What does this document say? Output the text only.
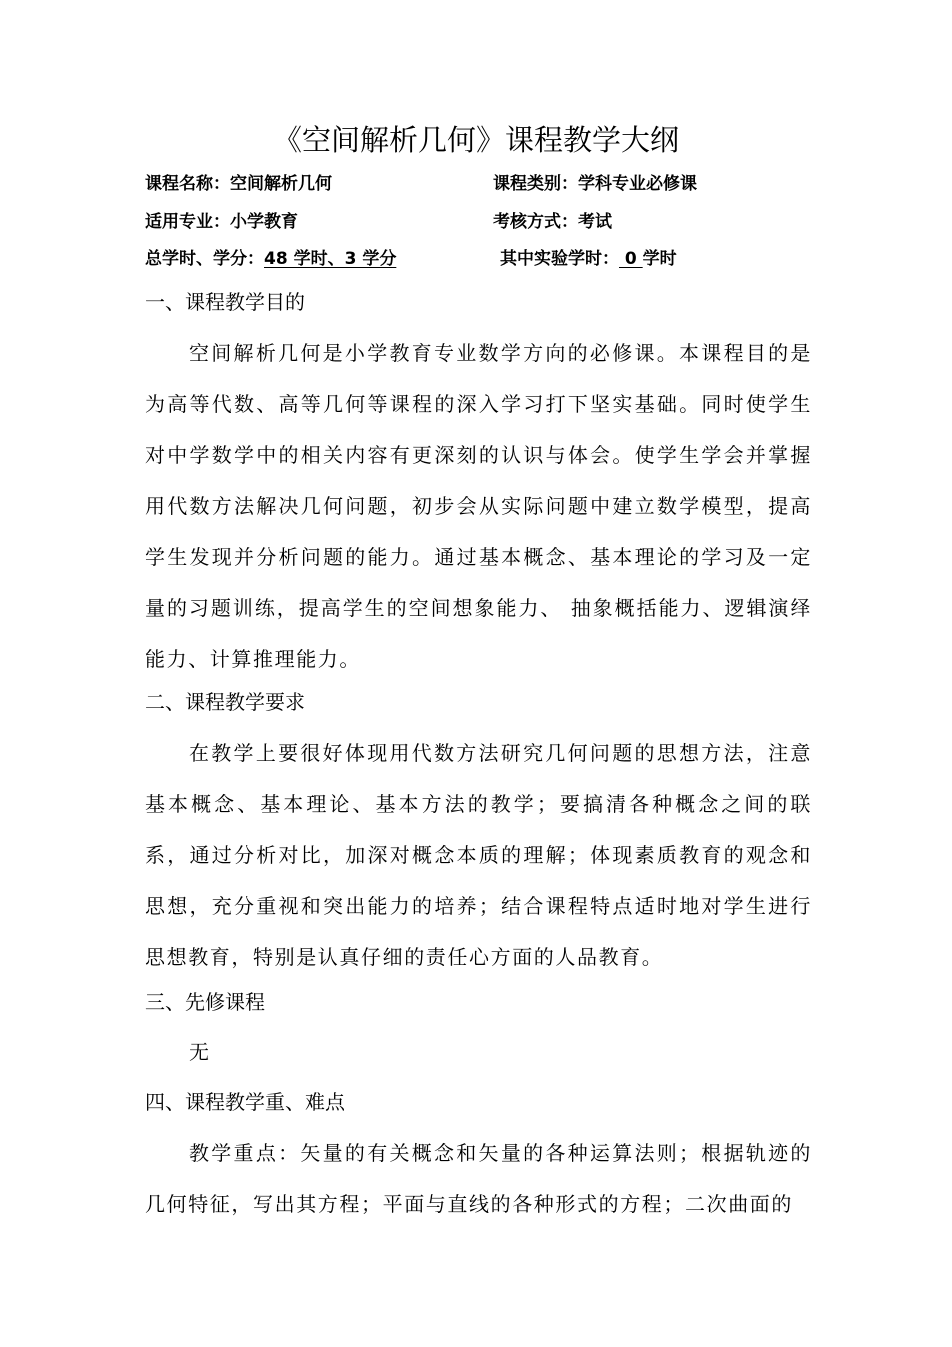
《空间解析几何》课程教学大纲
课程名称：空间解析几何	课程类别：学科专业必修课
适用专业：小学教育	考核方式：考试
总学时、学分：48 学时、3 学分	其中实验学时： 0 学时
一、课程教学目的
空间解析几何是小学教育专业数学方向的必修课。本课程目的是为高等代数、高等几何等课程的深入学习打下坚实基础。同时使学生对中学数学中的相关内容有更深刻的认识与体会。使学生学会并掌握用代数方法解决几何问题，初步会从实际问题中建立数学模型，提高学生发现并分析问题的能力。通过基本概念、基本理论的学习及一定量的习题训练，提高学生的空间想象能力、 抽象概括能力、逻辑演绎能力、计算推理能力。
二、课程教学要求
在教学上要很好体现用代数方法研究几何问题的思想方法，注意基本概念、基本理论、基本方法的教学；要搞清各种概念之间的联系，通过分析对比，加深对概念本质的理解；体现素质教育的观念和思想，充分重视和突出能力的培养；结合课程特点适时地对学生进行思想教育，特别是认真仔细的责任心方面的人品教育。
三、先修课程
无
四、课程教学重、难点
教学重点：矢量的有关概念和矢量的各种运算法则；根据轨迹的几何特征，写出其方程；平面与直线的各种形式的方程；二次曲面的
